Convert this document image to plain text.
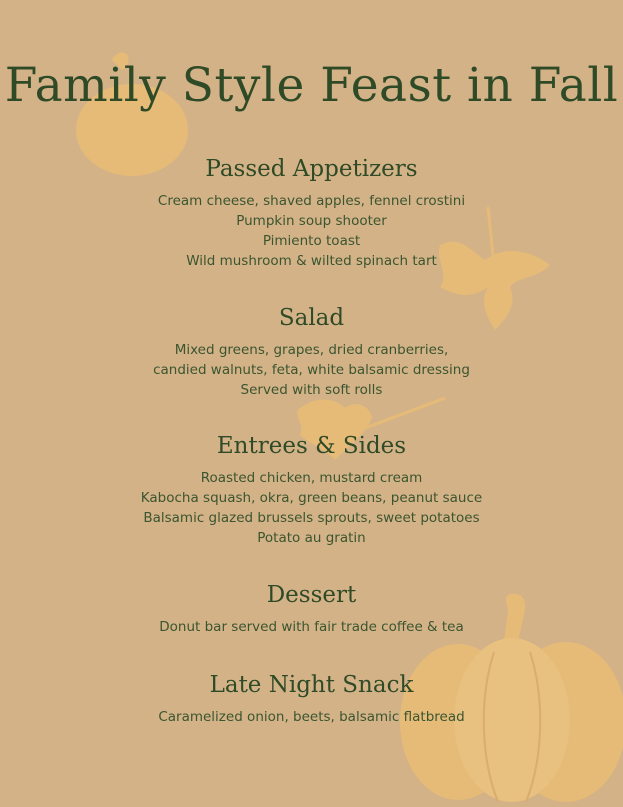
Family Style Feast in Fall
Passed Appetizers
Cream cheese, shaved apples, fennel crostini
Pumpkin soup shooter
Pimiento toast
Wild mushroom & wilted spinach tart
Salad
Mixed greens, grapes, dried cranberries,
candied walnuts, feta, white balsamic dressing
Served with soft rolls
Entrees & Sides
Roasted chicken, mustard cream
Kabocha squash, okra, green beans, peanut sauce
Balsamic glazed brussels sprouts, sweet potatoes
Potato au gratin
Dessert
Donut bar served with fair trade coffee & tea
Late Night Snack
Caramelized onion, beets, balsamic flatbread
